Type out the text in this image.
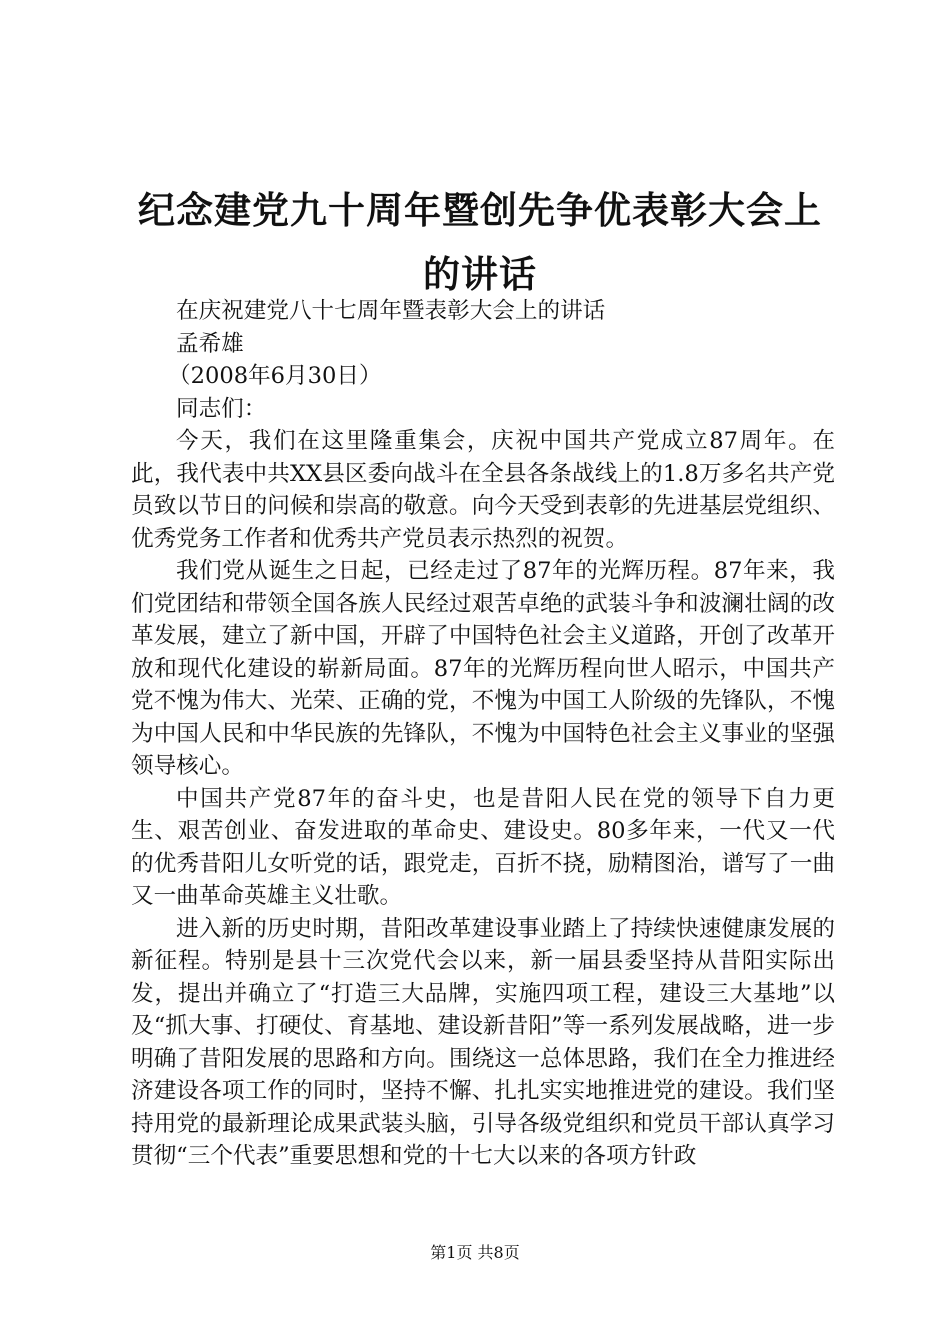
纪念建党九十周年暨创先争优表彰大会上的讲话

在庆祝建党八十七周年暨表彰大会上的讲话

孟希雄

（2008年6月30日）

同志们：

今天，我们在这里隆重集会，庆祝中国共产党成立87周年。在此，我代表中共XX县区委向战斗在全县各条战线上的1.8万多名共产党员致以节日的问候和崇高的敬意。向今天受到表彰的先进基层党组织、优秀党务工作者和优秀共产党员表示热烈的祝贺。

我们党从诞生之日起，已经走过了87年的光辉历程。87年来，我们党团结和带领全国各族人民经过艰苦卓绝的武装斗争和波澜壮阔的改革发展，建立了新中国，开辟了中国特色社会主义道路，开创了改革开放和现代化建设的崭新局面。87年的光辉历程向世人昭示，中国共产党不愧为伟大、光荣、正确的党，不愧为中国工人阶级的先锋队，不愧为中国人民和中华民族的先锋队，不愧为中国特色社会主义事业的坚强领导核心。

中国共产党87年的奋斗史，也是昔阳人民在党的领导下自力更生、艰苦创业、奋发进取的革命史、建设史。80多年来，一代又一代的优秀昔阳儿女听党的话，跟党走，百折不挠，励精图治，谱写了一曲又一曲革命英雄主义壮歌。

进入新的历史时期，昔阳改革建设事业踏上了持续快速健康发展的新征程。特别是县十三次党代会以来，新一届县委坚持从昔阳实际出发，提出并确立了“打造三大品牌，实施四项工程，建设三大基地”以及“抓大事、打硬仗、育基地、建设新昔阳”等一系列发展战略，进一步明确了昔阳发展的思路和方向。围绕这一总体思路，我们在全力推进经济建设各项工作的同时，坚持不懈、扎扎实实地推进党的建设。我们坚持用党的最新理论成果武装头脑，引导各级党组织和党员干部认真学习贯彻“三个代表”重要思想和党的十七大以来的各项方针政

第1页 共8页
